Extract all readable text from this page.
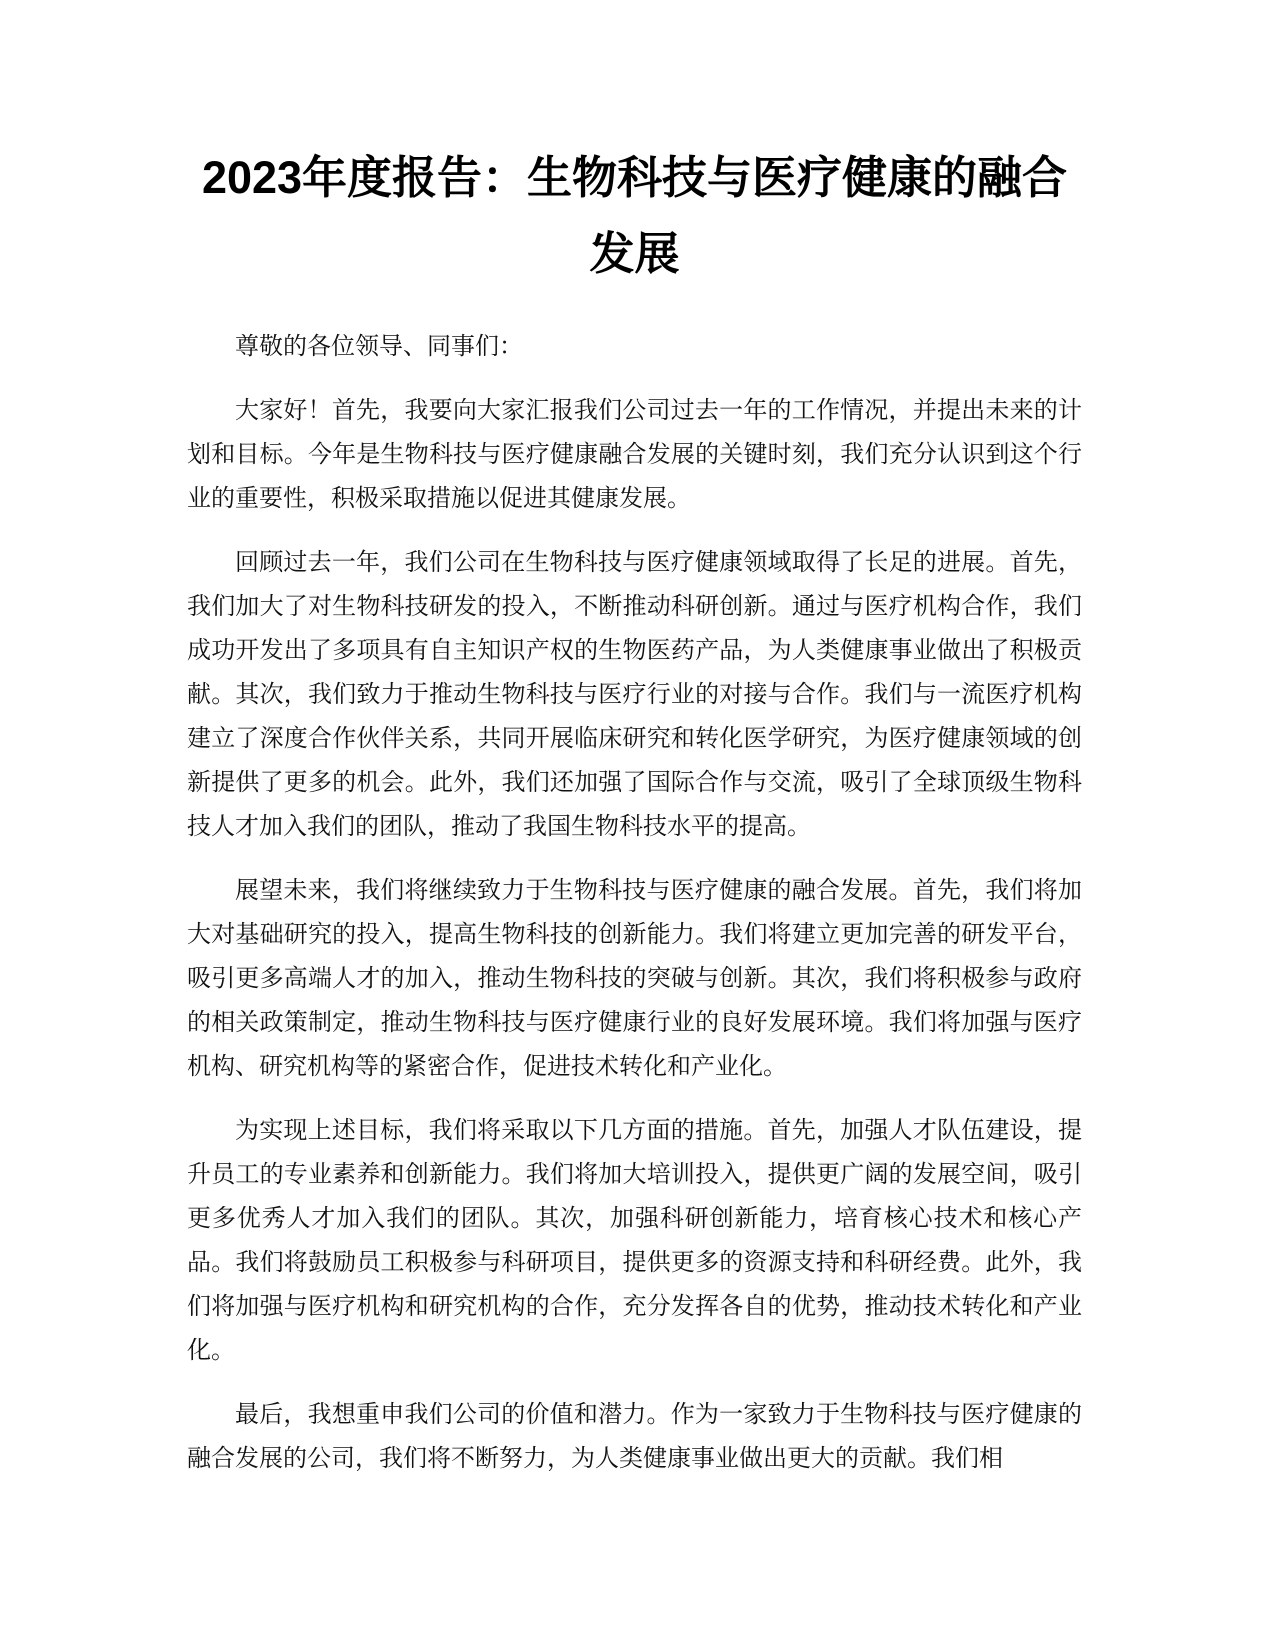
2023年度报告：生物科技与医疗健康的融合发展

尊敬的各位领导、同事们：

大家好！首先，我要向大家汇报我们公司过去一年的工作情况，并提出未来的计划和目标。今年是生物科技与医疗健康融合发展的关键时刻，我们充分认识到这个行业的重要性，积极采取措施以促进其健康发展。

回顾过去一年，我们公司在生物科技与医疗健康领域取得了长足的进展。首先，我们加大了对生物科技研发的投入，不断推动科研创新。通过与医疗机构合作，我们成功开发出了多项具有自主知识产权的生物医药产品，为人类健康事业做出了积极贡献。其次，我们致力于推动生物科技与医疗行业的对接与合作。我们与一流医疗机构建立了深度合作伙伴关系，共同开展临床研究和转化医学研究，为医疗健康领域的创新提供了更多的机会。此外，我们还加强了国际合作与交流，吸引了全球顶级生物科技人才加入我们的团队，推动了我国生物科技水平的提高。

展望未来，我们将继续致力于生物科技与医疗健康的融合发展。首先，我们将加大对基础研究的投入，提高生物科技的创新能力。我们将建立更加完善的研发平台，吸引更多高端人才的加入，推动生物科技的突破与创新。其次，我们将积极参与政府的相关政策制定，推动生物科技与医疗健康行业的良好发展环境。我们将加强与医疗机构、研究机构等的紧密合作，促进技术转化和产业化。

为实现上述目标，我们将采取以下几方面的措施。首先，加强人才队伍建设，提升员工的专业素养和创新能力。我们将加大培训投入，提供更广阔的发展空间，吸引更多优秀人才加入我们的团队。其次，加强科研创新能力，培育核心技术和核心产品。我们将鼓励员工积极参与科研项目，提供更多的资源支持和科研经费。此外，我们将加强与医疗机构和研究机构的合作，充分发挥各自的优势，推动技术转化和产业化。

最后，我想重申我们公司的价值和潜力。作为一家致力于生物科技与医疗健康的融合发展的公司，我们将不断努力，为人类健康事业做出更大的贡献。我们相
